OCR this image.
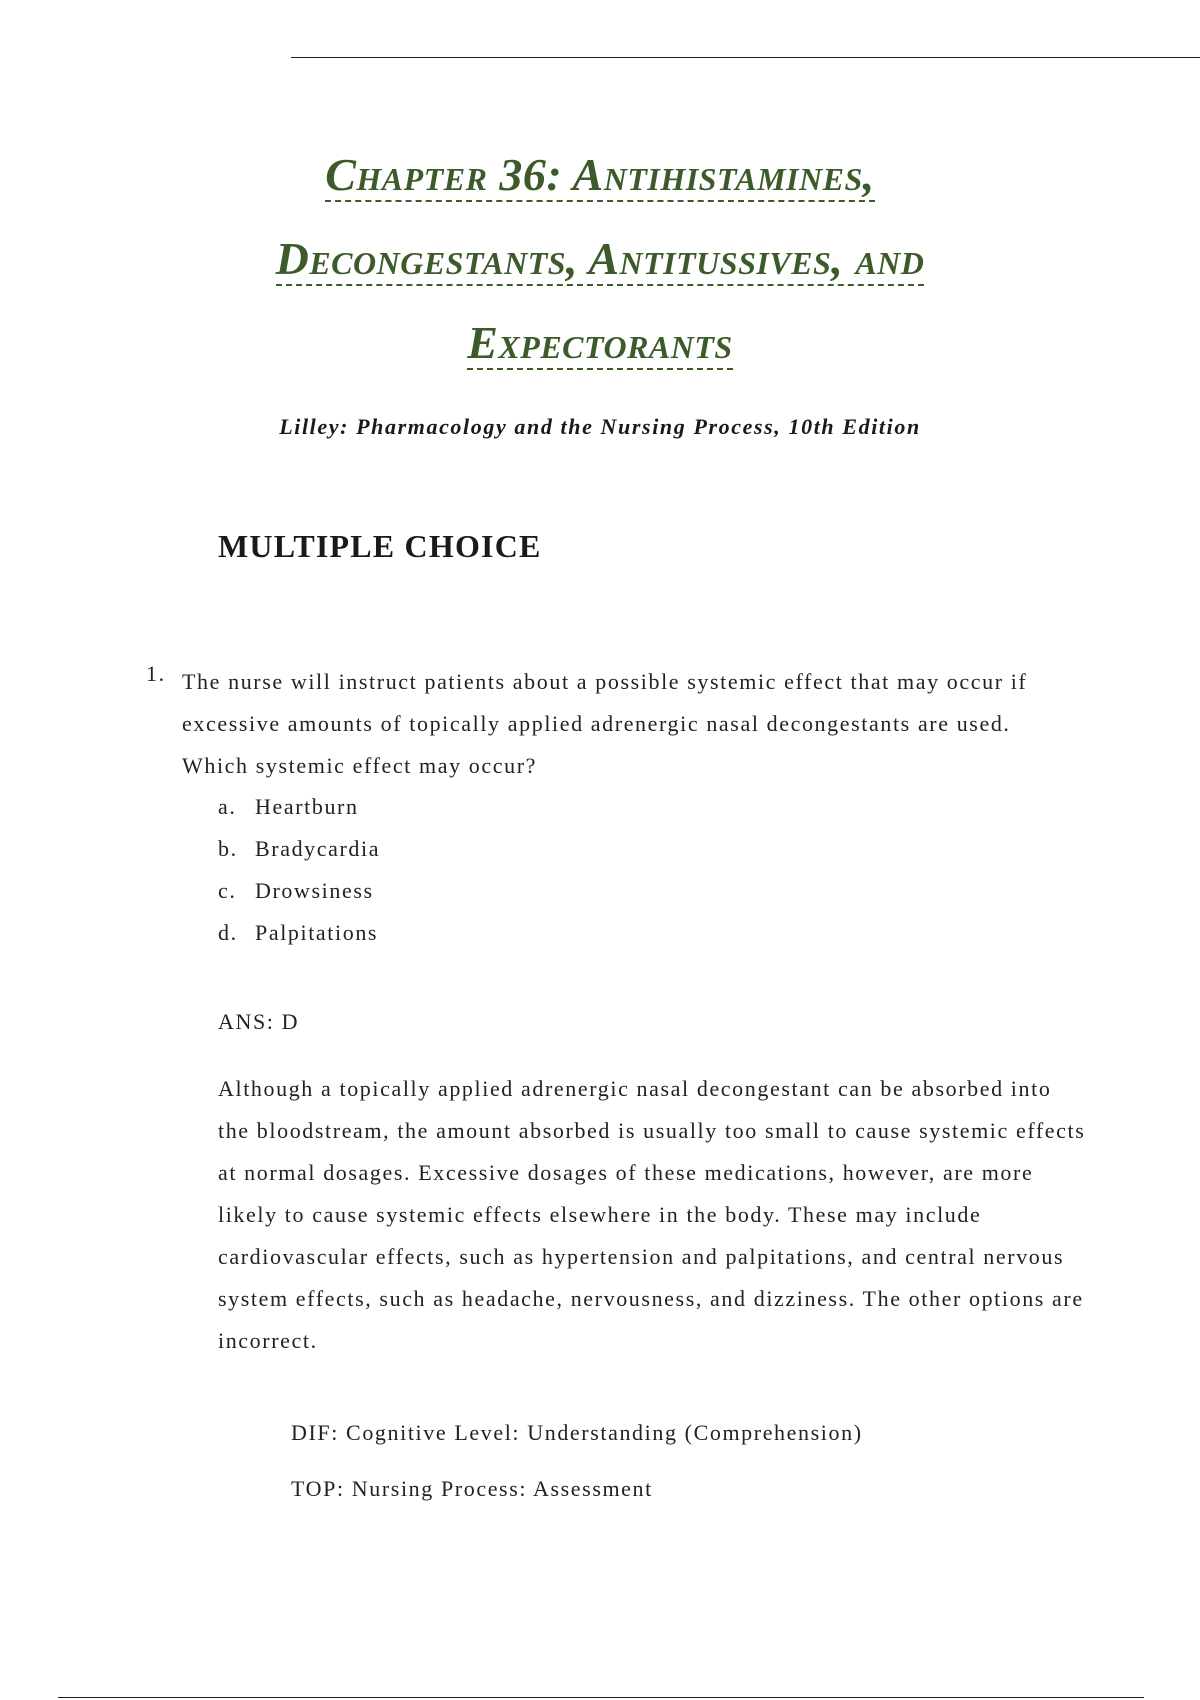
Chapter 36: Antihistamines,
Decongestants, Antitussives, and
Expectorants
Lilley: Pharmacology and the Nursing Process, 10th Edition
MULTIPLE CHOICE
1. The nurse will instruct patients about a possible systemic effect that may occur if excessive amounts of topically applied adrenergic nasal decongestants are used. Which systemic effect may occur?
a. Heartburn
b. Bradycardia
c. Drowsiness
d. Palpitations
ANS: D

Although a topically applied adrenergic nasal decongestant can be absorbed into the bloodstream, the amount absorbed is usually too small to cause systemic effects at normal dosages. Excessive dosages of these medications, however, are more likely to cause systemic effects elsewhere in the body. These may include cardiovascular effects, such as hypertension and palpitations, and central nervous system effects, such as headache, nervousness, and dizziness. The other options are incorrect.

DIF: Cognitive Level: Understanding (Comprehension)
TOP: Nursing Process: Assessment
